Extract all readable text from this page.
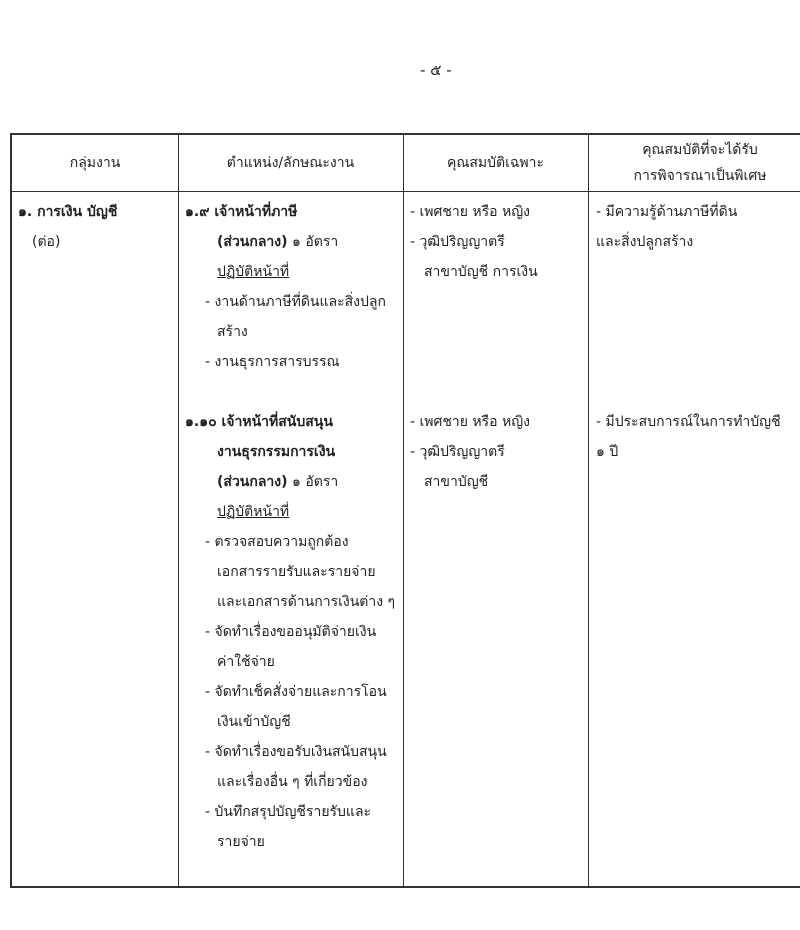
- ๕ -
กลุ่มงาน	ตำแหน่ง/ลักษณะงาน	คุณสมบัติเฉพาะ
คุณสมบัติที่จะได้รับ
การพิจารณาเป็นพิเศษ
๑. การเงิน บัญชี
(ต่อ)
๑.๙ เจ้าหน้าที่ภาษี
(ส่วนกลาง) ๑ อัตรา
ปฏิบัติหน้าที่
- งานด้านภาษีที่ดินและสิ่งปลูก
สร้าง
- งานธุรการสารบรรณ
๑.๑๐ เจ้าหน้าที่สนับสนุน
งานธุรกรรมการเงิน
(ส่วนกลาง) ๑ อัตรา
ปฏิบัติหน้าที่
- ตรวจสอบความถูกต้อง
เอกสารรายรับและรายจ่าย
และเอกสารด้านการเงินต่าง ๆ
- จัดทำเรื่องขออนุมัติจ่ายเงิน
ค่าใช้จ่าย
- จัดทำเช็คสั่งจ่ายและการโอน
เงินเข้าบัญชี
- จัดทำเรื่องขอรับเงินสนับสนุน
และเรื่องอื่น ๆ ที่เกี่ยวข้อง
- บันทึกสรุปบัญชีรายรับและ
รายจ่าย
- เพศชาย หรือ หญิง
- วุฒิปริญญาตรี
สาขาบัญชี การเงิน
- เพศชาย หรือ หญิง
- วุฒิปริญญาตรี
สาขาบัญชี
- มีความรู้ด้านภาษีที่ดิน
และสิ่งปลูกสร้าง
- มีประสบการณ์ในการทำบัญชี
๑ ปี
